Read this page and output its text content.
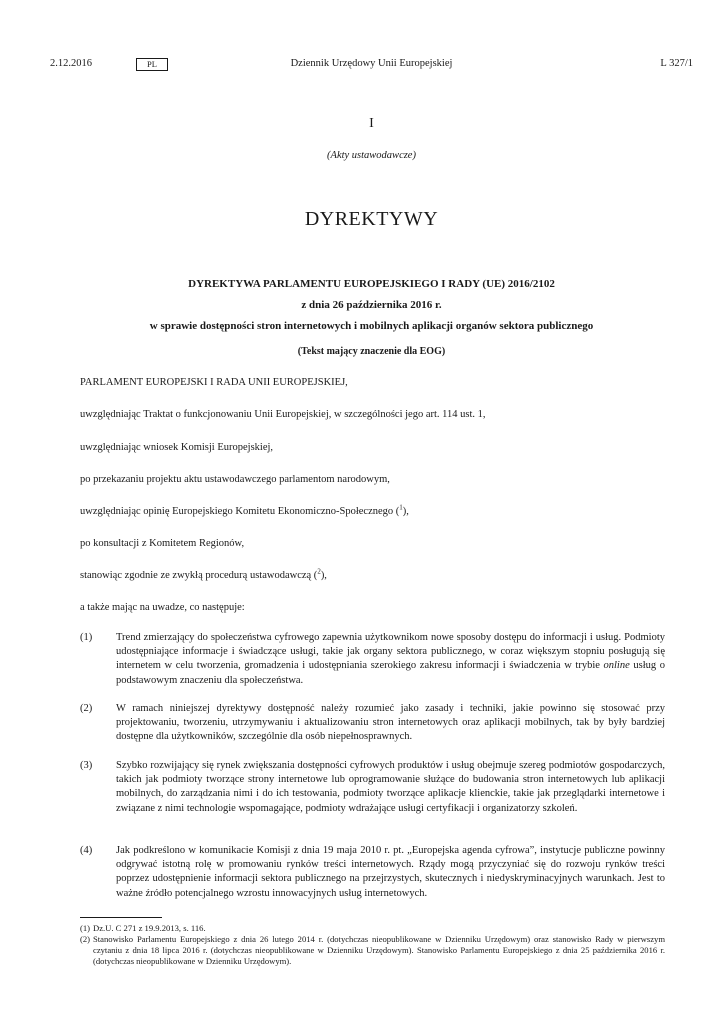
2.12.2016	PL	Dziennik Urzędowy Unii Europejskiej	L 327/1
I
(Akty ustawodawcze)
DYREKTYWY
DYREKTYWA PARLAMENTU EUROPEJSKIEGO I RADY (UE) 2016/2102
z dnia 26 października 2016 r.
w sprawie dostępności stron internetowych i mobilnych aplikacji organów sektora publicznego
(Tekst mający znaczenie dla EOG)
PARLAMENT EUROPEJSKI I RADA UNII EUROPEJSKIEJ,
uwzględniając Traktat o funkcjonowaniu Unii Europejskiej, w szczególności jego art. 114 ust. 1,
uwzględniając wniosek Komisji Europejskiej,
po przekazaniu projektu aktu ustawodawczego parlamentom narodowym,
uwzględniając opinię Europejskiego Komitetu Ekonomiczno-Społecznego ($^1$),
po konsultacji z Komitetem Regionów,
stanowiąc zgodnie ze zwykłą procedurą ustawodawczą ($^2$),
a także mając na uwadze, co następuje:
(1) Trend zmierzający do społeczeństwa cyfrowego zapewnia użytkownikom nowe sposoby dostępu do informacji i usług. Podmioty udostępniające informacje i świadczące usługi, takie jak organy sektora publicznego, w coraz większym stopniu posługują się internetem w celu tworzenia, gromadzenia i udostępniania szerokiego zakresu informacji i świadczenia w trybie online usług o podstawowym znaczeniu dla społeczeństwa.
(2) W ramach niniejszej dyrektywy dostępność należy rozumieć jako zasady i techniki, jakie powinno się stosować przy projektowaniu, tworzeniu, utrzymywaniu i aktualizowaniu stron internetowych oraz aplikacji mobilnych, tak by były bardziej dostępne dla użytkowników, szczególnie dla osób niepełnosprawnych.
(3) Szybko rozwijający się rynek zwiększania dostępności cyfrowych produktów i usług obejmuje szereg podmiotów gospodarczych, takich jak podmioty tworzące strony internetowe lub oprogramowanie służące do budowania stron internetowych lub aplikacji mobilnych, do zarządzania nimi i do ich testowania, podmioty tworzące aplikacje klienckie, takie jak przeglądarki internetowe i związane z nimi technologie wspomagające, podmioty wdrażające usługi certyfikacji i organizatorzy szkoleń.
(4) Jak podkreślono w komunikacie Komisji z dnia 19 maja 2010 r. pt. „Europejska agenda cyfrowa”, instytucje publiczne powinny odgrywać istotną rolę w promowaniu rynków treści internetowych. Rządy mogą przyczyniać się do rozwoju rynków treści poprzez udostępnienie informacji sektora publicznego na przejrzystych, skutecznych i niedyskryminacyjnych warunkach. Jest to ważne źródło potencjalnego wzrostu innowacyjnych usług internetowych.
(1) Dz.U. C 271 z 19.9.2013, s. 116.
(2) Stanowisko Parlamentu Europejskiego z dnia 26 lutego 2014 r. (dotychczas nieopublikowane w Dzienniku Urzędowym) oraz stanowisko Rady w pierwszym czytaniu z dnia 18 lipca 2016 r. (dotychczas nieopublikowane w Dzienniku Urzędowym). Stanowisko Parlamentu Europejskiego z dnia 25 października 2016 r. (dotychczas nieopublikowane w Dzienniku Urzędowym).
